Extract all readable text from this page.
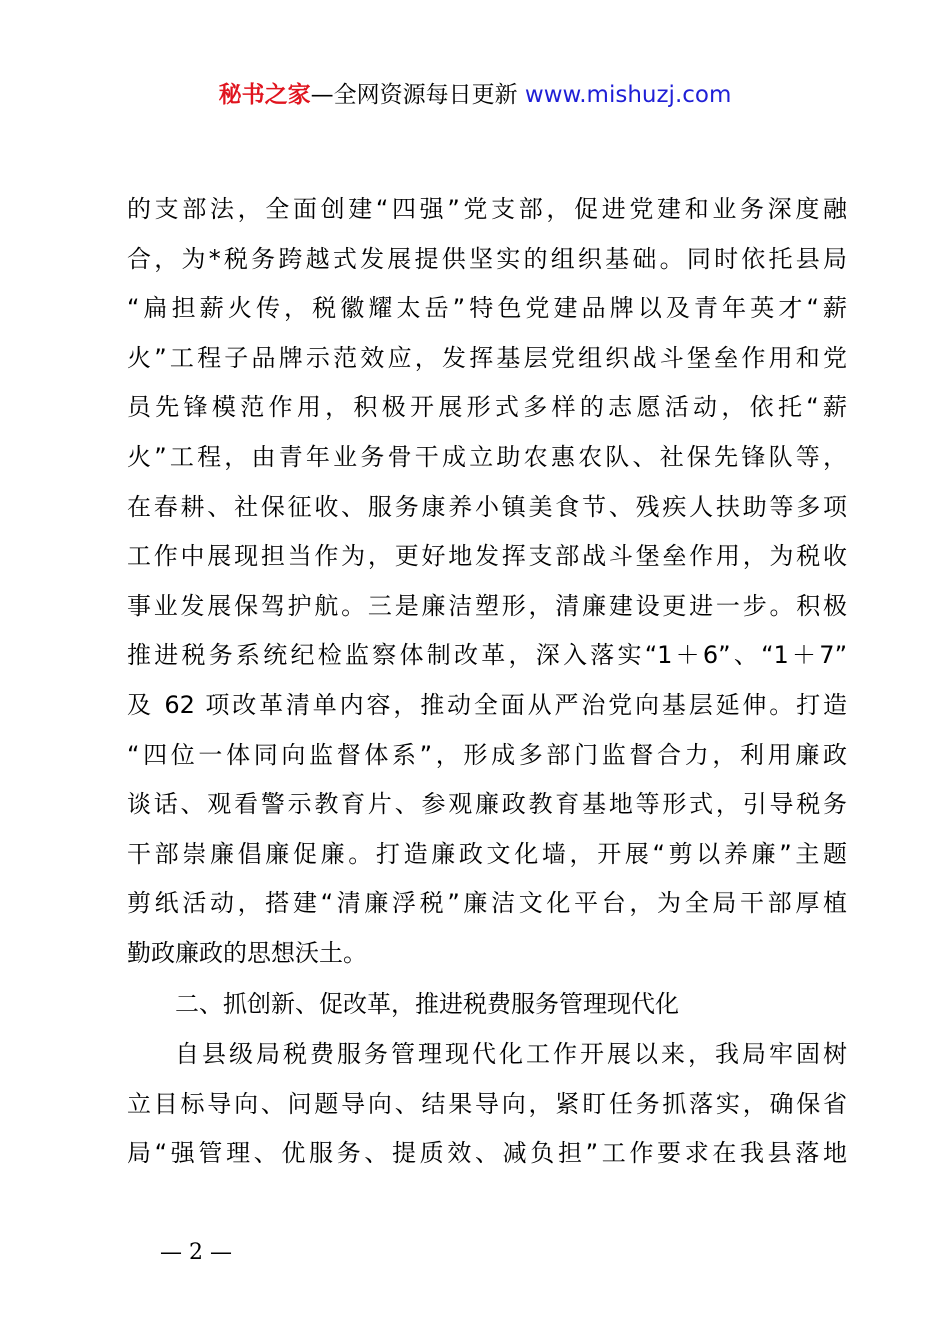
秘书之家—全网资源每日更新 www.mishuzj.com
的支部法，全面创建“四强”党支部，促进党建和业务深度融
合，为*税务跨越式发展提供坚实的组织基础。同时依托县局
“扁担薪火传，税徽耀太岳”特色党建品牌以及青年英才“薪
火”工程子品牌示范效应，发挥基层党组织战斗堡垒作用和党
员先锋模范作用，积极开展形式多样的志愿活动，依托“薪
火”工程，由青年业务骨干成立助农惠农队、社保先锋队等，
在春耕、社保征收、服务康养小镇美食节、残疾人扶助等多项
工作中展现担当作为，更好地发挥支部战斗堡垒作用，为税收
事业发展保驾护航。三是廉洁塑形，清廉建设更进一步。积极
推进税务系统纪检监察体制改革，深入落实“1＋6”、“1＋7”
及 62 项改革清单内容，推动全面从严治党向基层延伸。打造
“四位一体同向监督体系”，形成多部门监督合力，利用廉政
谈话、观看警示教育片、参观廉政教育基地等形式，引导税务
干部崇廉倡廉促廉。打造廉政文化墙，开展“剪以养廉”主题
剪纸活动，搭建“清廉浮税”廉洁文化平台，为全局干部厚植
勤政廉政的思想沃土。
二、抓创新、促改革，推进税费服务管理现代化
自县级局税费服务管理现代化工作开展以来，我局牢固树
立目标导向、问题导向、结果导向，紧盯任务抓落实，确保省
局“强管理、优服务、提质效、减负担”工作要求在我县落地
— 2 —
